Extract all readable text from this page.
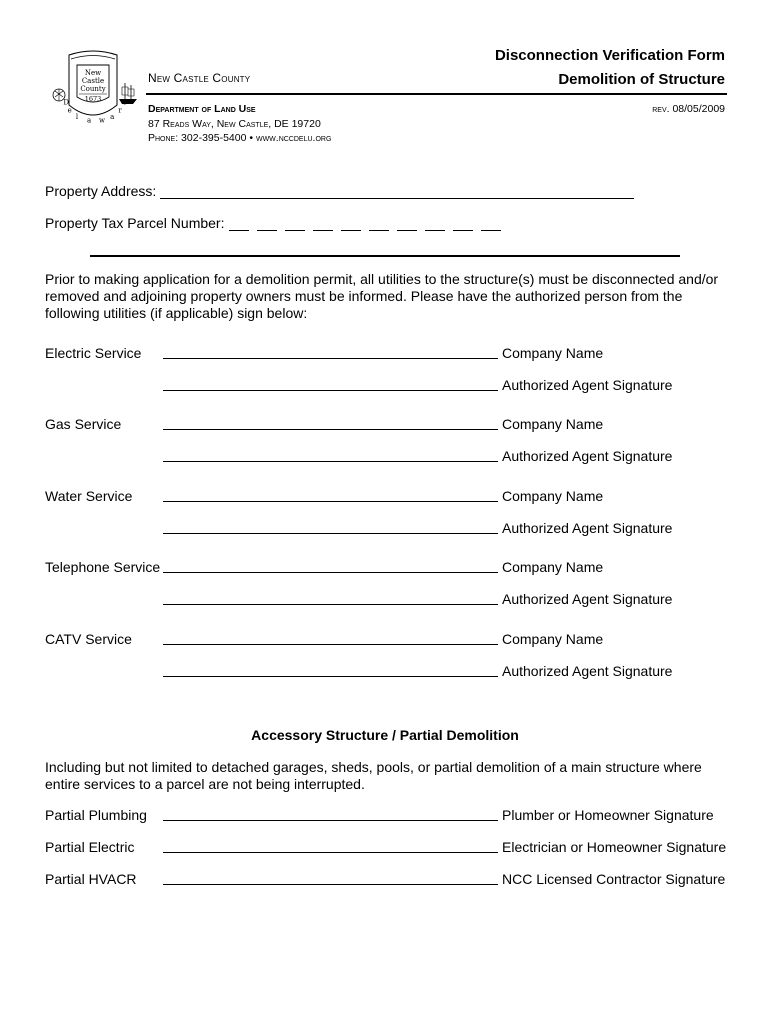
New
Castle
County
1673
D el a w are
New Castle County
Disconnection Verification Form
Demolition of Structure
Department of Land Use	rev. 08/05/2009
87 Reads Way, New Castle, DE 19720
Phone: 302-395-5400 • www.nccdelu.org
Property Address:
Property Tax Parcel Number:
Prior to making application for a demolition permit, all utilities to the structure(s) must be disconnected and/or removed and adjoining property owners must be informed. Please have the authorized person from the following utilities (if applicable) sign below:
Electric Service	Company Name
Authorized Agent Signature
Gas Service	Company Name
Authorized Agent Signature
Water Service	Company Name
Authorized Agent Signature
Telephone Service	Company Name
Authorized Agent Signature
CATV Service	Company Name
Authorized Agent Signature
Accessory Structure / Partial Demolition
Including but not limited to detached garages, sheds, pools, or partial demolition of a main structure where entire services to a parcel are not being interrupted.
Partial Plumbing	Plumber or Homeowner Signature
Partial Electric	Electrician or Homeowner Signature
Partial HVACR	NCC Licensed Contractor Signature
